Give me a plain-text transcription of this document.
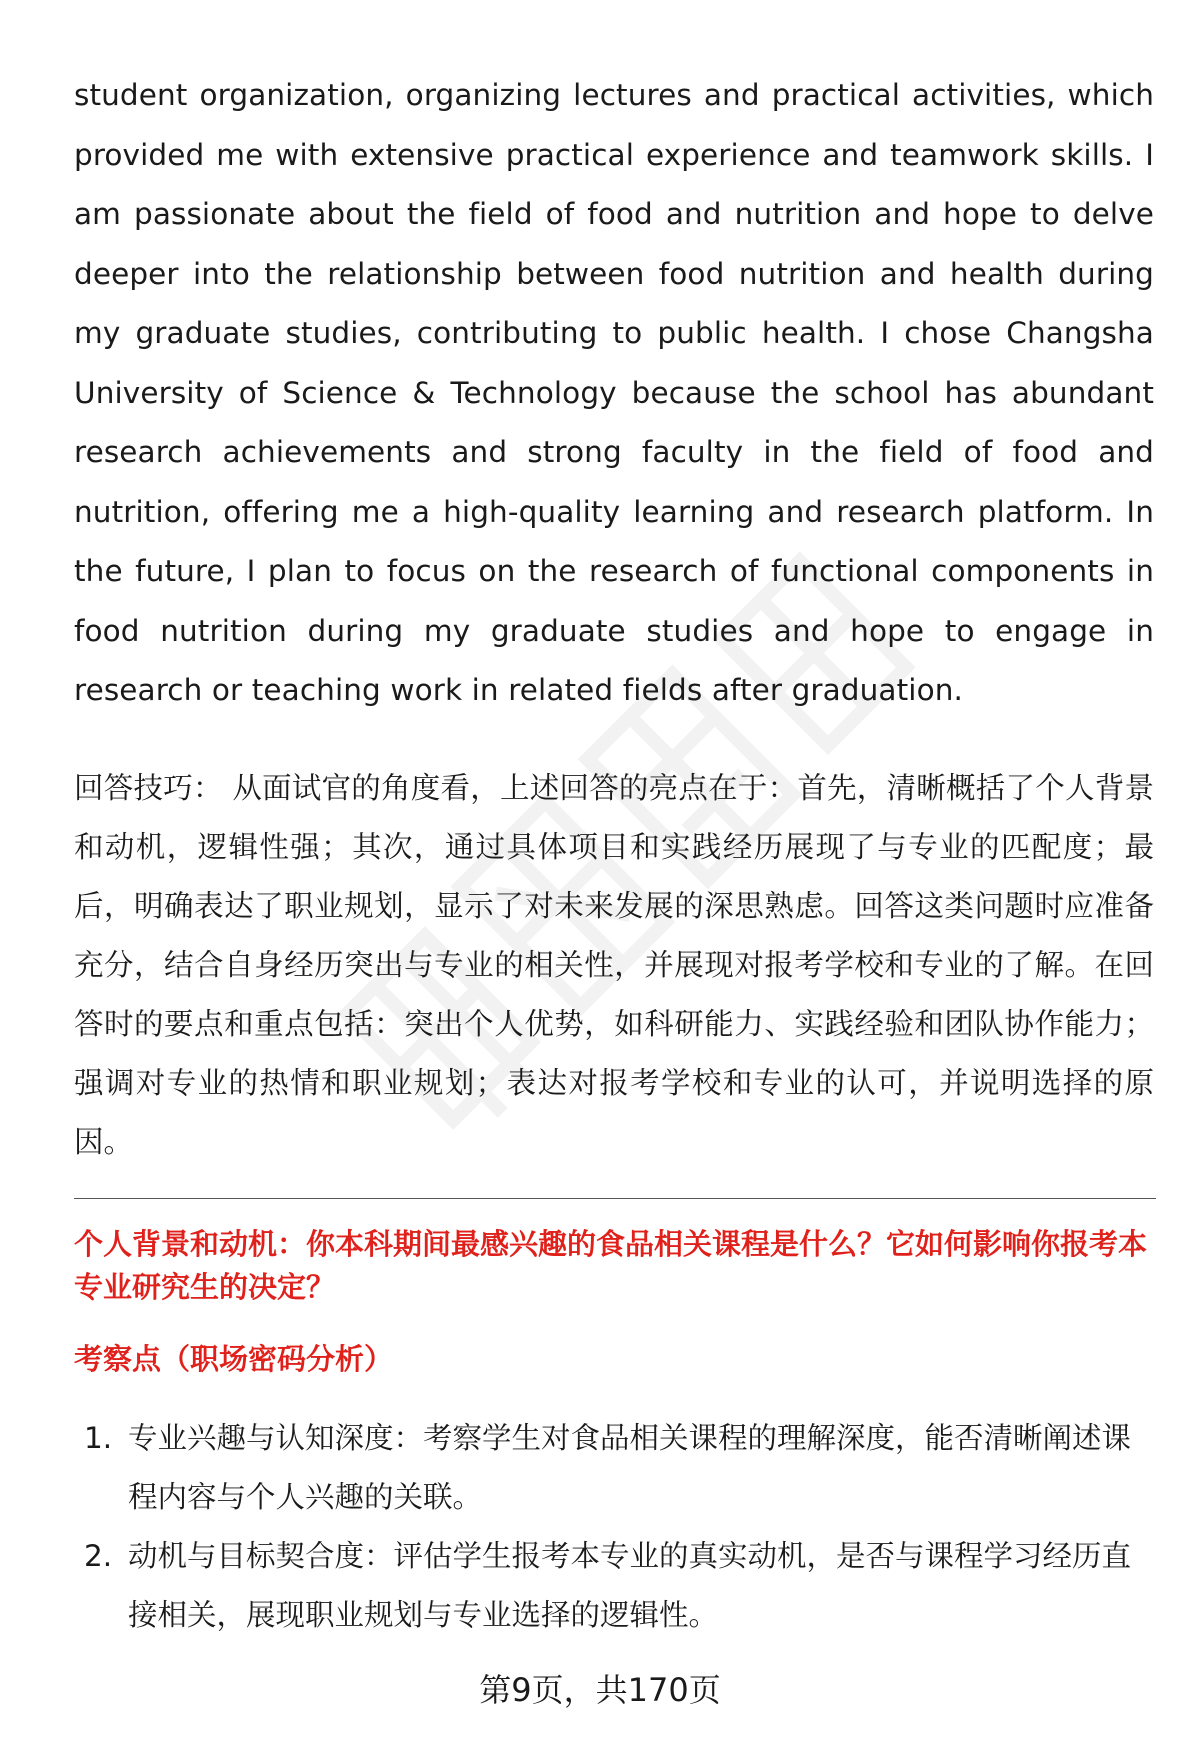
student organization, organizing lectures and practical activities, which provided me with extensive practical experience and teamwork skills. I am passionate about the field of food and nutrition and hope to delve deeper into the relationship between food nutrition and health during my graduate studies, contributing to public health. I chose Changsha University of Science & Technology because the school has abundant research achievements and strong faculty in the field of food and nutrition, offering me a high-quality learning and research platform. In the future, I plan to focus on the research of functional components in food nutrition during my graduate studies and hope to engage in research or teaching work in related fields after graduation.

回答技巧： 从面试官的角度看，上述回答的亮点在于：首先，清晰概括了个人背景和动机，逻辑性强；其次，通过具体项目和实践经历展现了与专业的匹配度；最后，明确表达了职业规划，显示了对未来发展的深思熟虑。回答这类问题时应准备充分，结合自身经历突出与专业的相关性，并展现对报考学校和专业的了解。在回答时的要点和重点包括：突出个人优势，如科研能力、实践经验和团队协作能力；强调对专业的热情和职业规划；表达对报考学校和专业的认可，并说明选择的原因。

个人背景和动机：你本科期间最感兴趣的食品相关课程是什么？它如何影响你报考本专业研究生的决定？

考察点（职场密码分析）

1. 专业兴趣与认知深度：考察学生对食品相关课程的理解深度，能否清晰阐述课程内容与个人兴趣的关联。
2. 动机与目标契合度：评估学生报考本专业的真实动机，是否与课程学习经历直接相关，展现职业规划与专业选择的逻辑性。
第9页，共170页
